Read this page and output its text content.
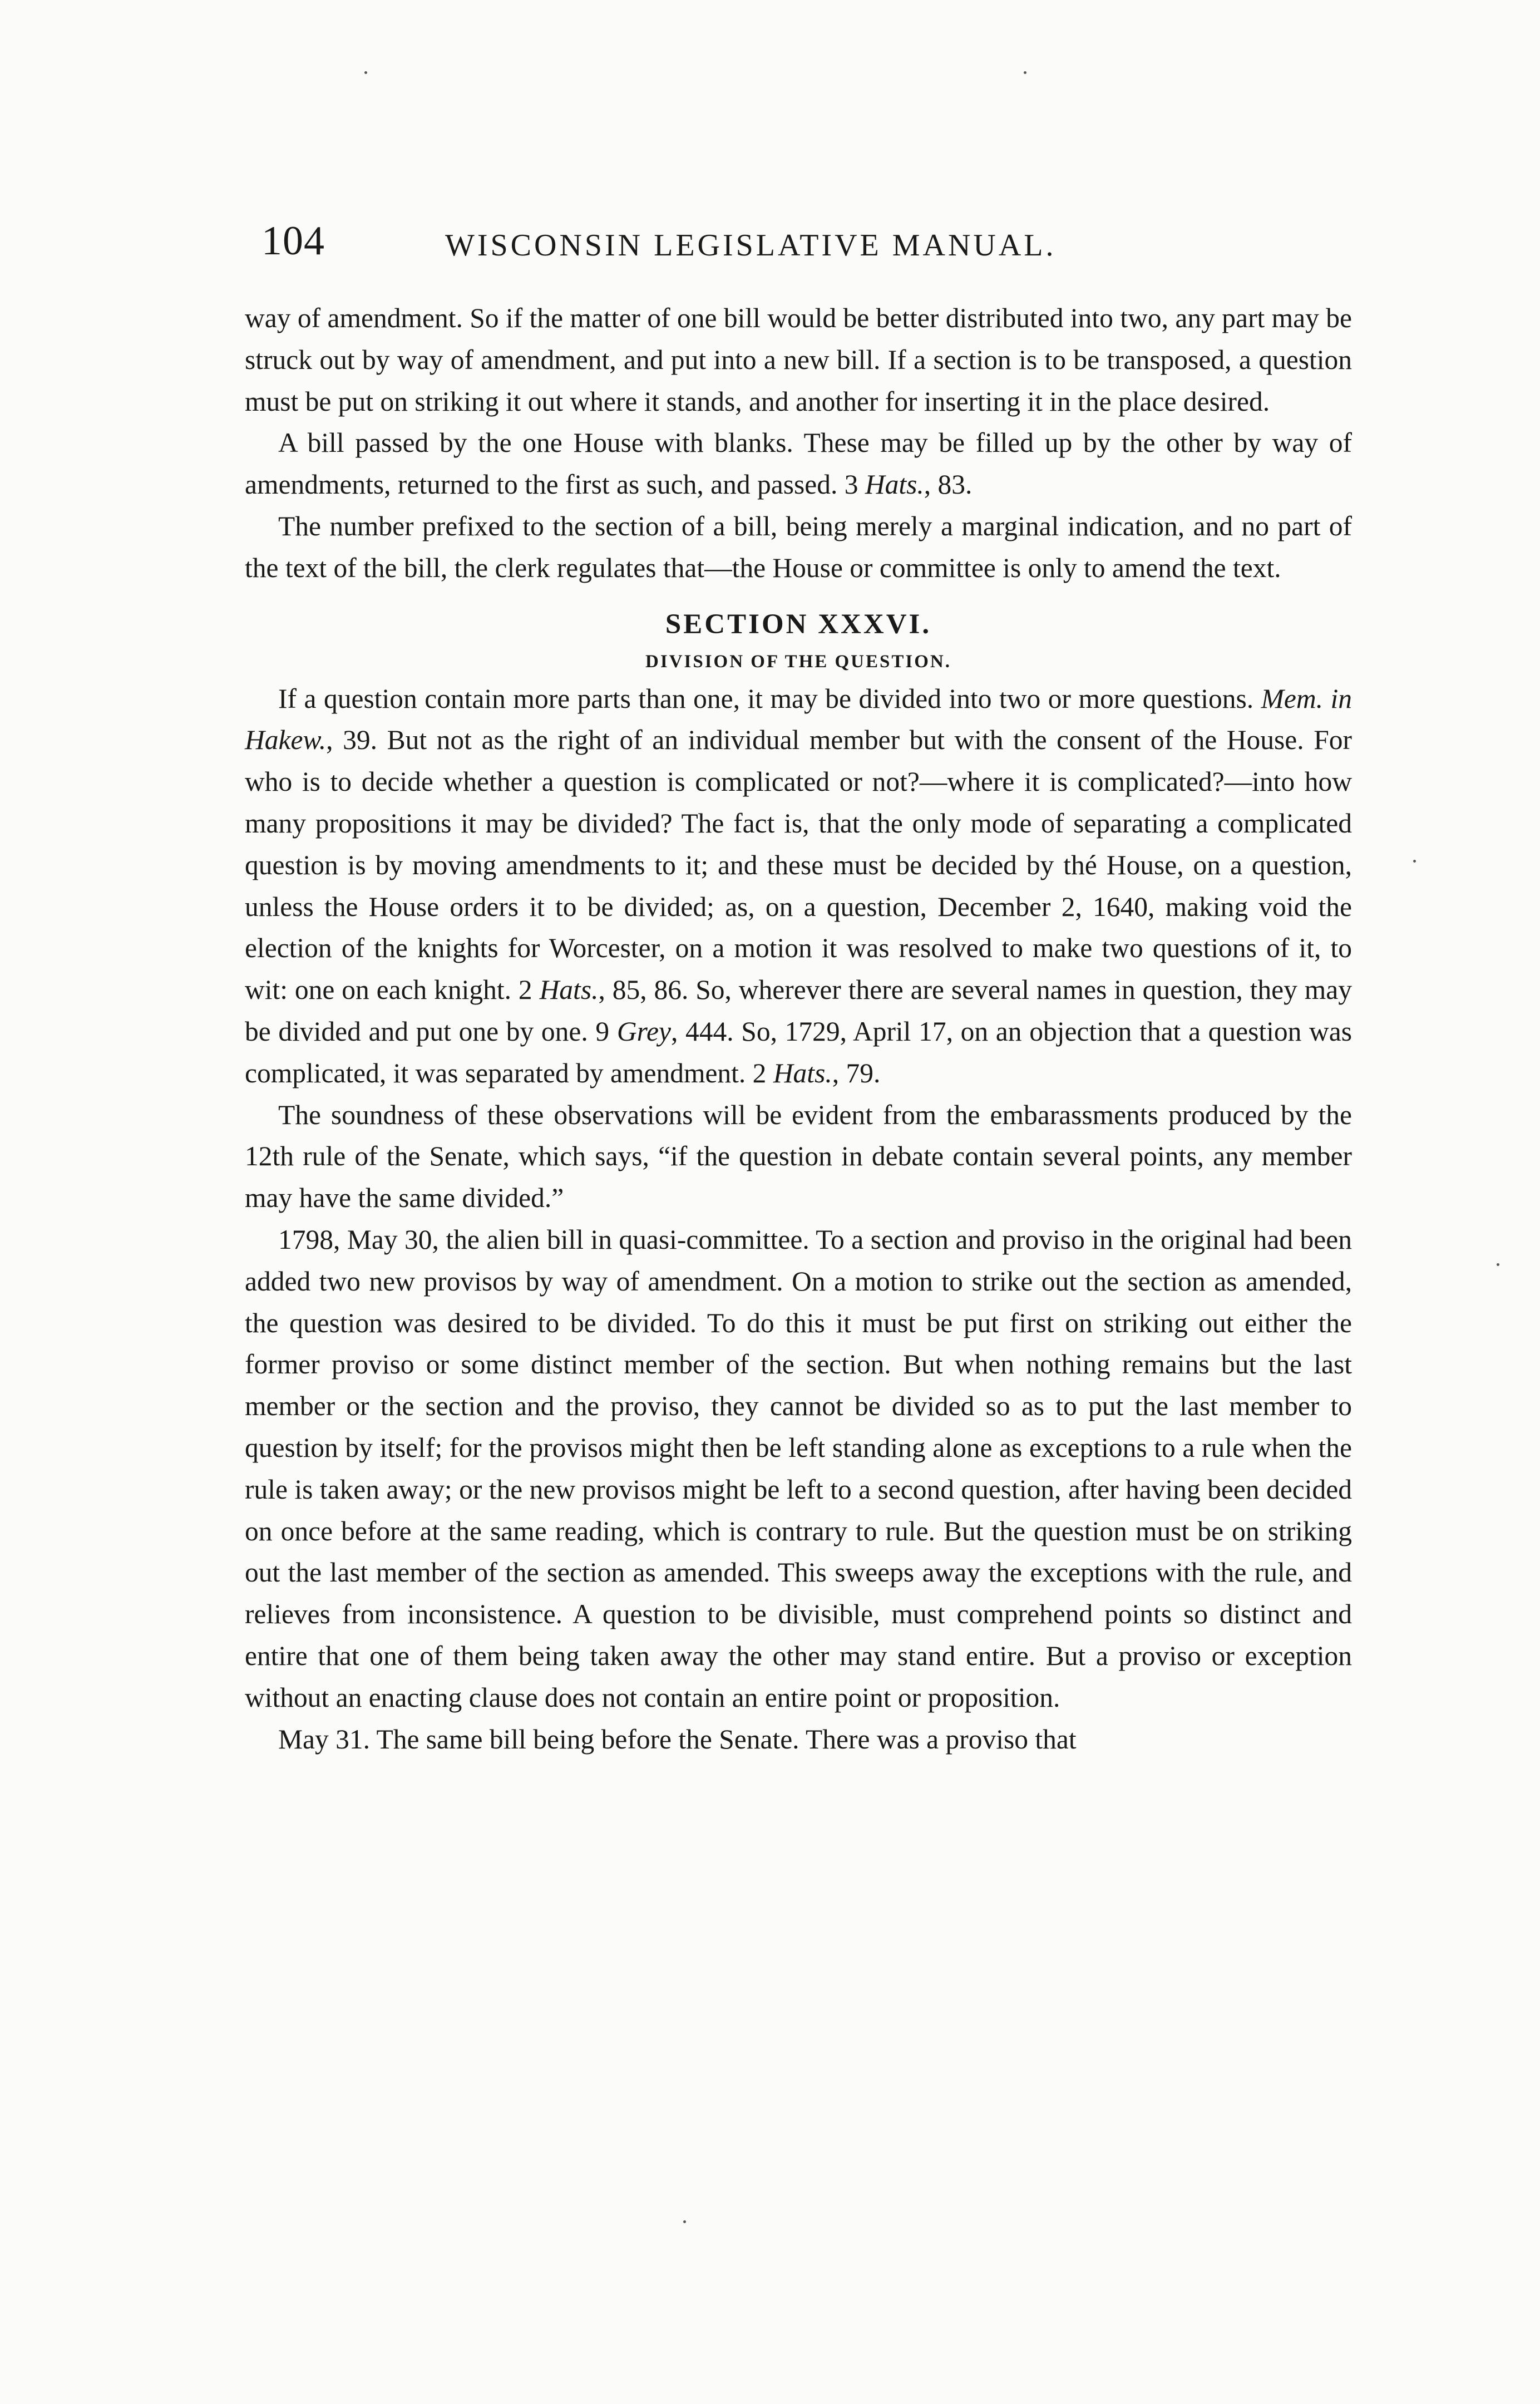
104	WISCONSIN LEGISLATIVE MANUAL.

way of amendment. So if the matter of one bill would be better distributed into two, any part may be struck out by way of amendment, and put into a new bill. If a section is to be transposed, a question must be put on striking it out where it stands, and another for inserting it in the place desired.

A bill passed by the one House with blanks. These may be filled up by the other by way of amendments, returned to the first as such, and passed. 3 Hats., 83.

The number prefixed to the section of a bill, being merely a marginal indication, and no part of the text of the bill, the clerk regulates that—the House or committee is only to amend the text.

SECTION XXXVI.
DIVISION OF THE QUESTION.

If a question contain more parts than one, it may be divided into two or more questions. Mem. in Hakew., 39. But not as the right of an individual member but with the consent of the House. For who is to decide whether a question is complicated or not?—where it is complicated?—into how many propositions it may be divided? The fact is, that the only mode of separating a complicated question is by moving amendments to it; and these must be decided by thé House, on a question, unless the House orders it to be divided; as, on a question, December 2, 1640, making void the election of the knights for Worcester, on a motion it was resolved to make two questions of it, to wit: one on each knight. 2 Hats., 85, 86. So, wherever there are several names in question, they may be divided and put one by one. 9 Grey, 444. So, 1729, April 17, on an objection that a question was complicated, it was separated by amendment. 2 Hats., 79.

The soundness of these observations will be evident from the embarassments produced by the 12th rule of the Senate, which says, “if the question in debate contain several points, any member may have the same divided.”

1798, May 30, the alien bill in quasi-committee. To a section and proviso in the original had been added two new provisos by way of amendment. On a motion to strike out the section as amended, the question was desired to be divided. To do this it must be put first on striking out either the former proviso or some distinct member of the section. But when nothing remains but the last member or the section and the proviso, they cannot be divided so as to put the last member to question by itself; for the provisos might then be left standing alone as exceptions to a rule when the rule is taken away; or the new provisos might be left to a second question, after having been decided on once before at the same reading, which is contrary to rule. But the question must be on striking out the last member of the section as amended. This sweeps away the exceptions with the rule, and relieves from inconsistence. A question to be divisible, must comprehend points so distinct and entire that one of them being taken away the other may stand entire. But a proviso or exception without an enacting clause does not contain an entire point or proposition.

May 31. The same bill being before the Senate. There was a proviso that
